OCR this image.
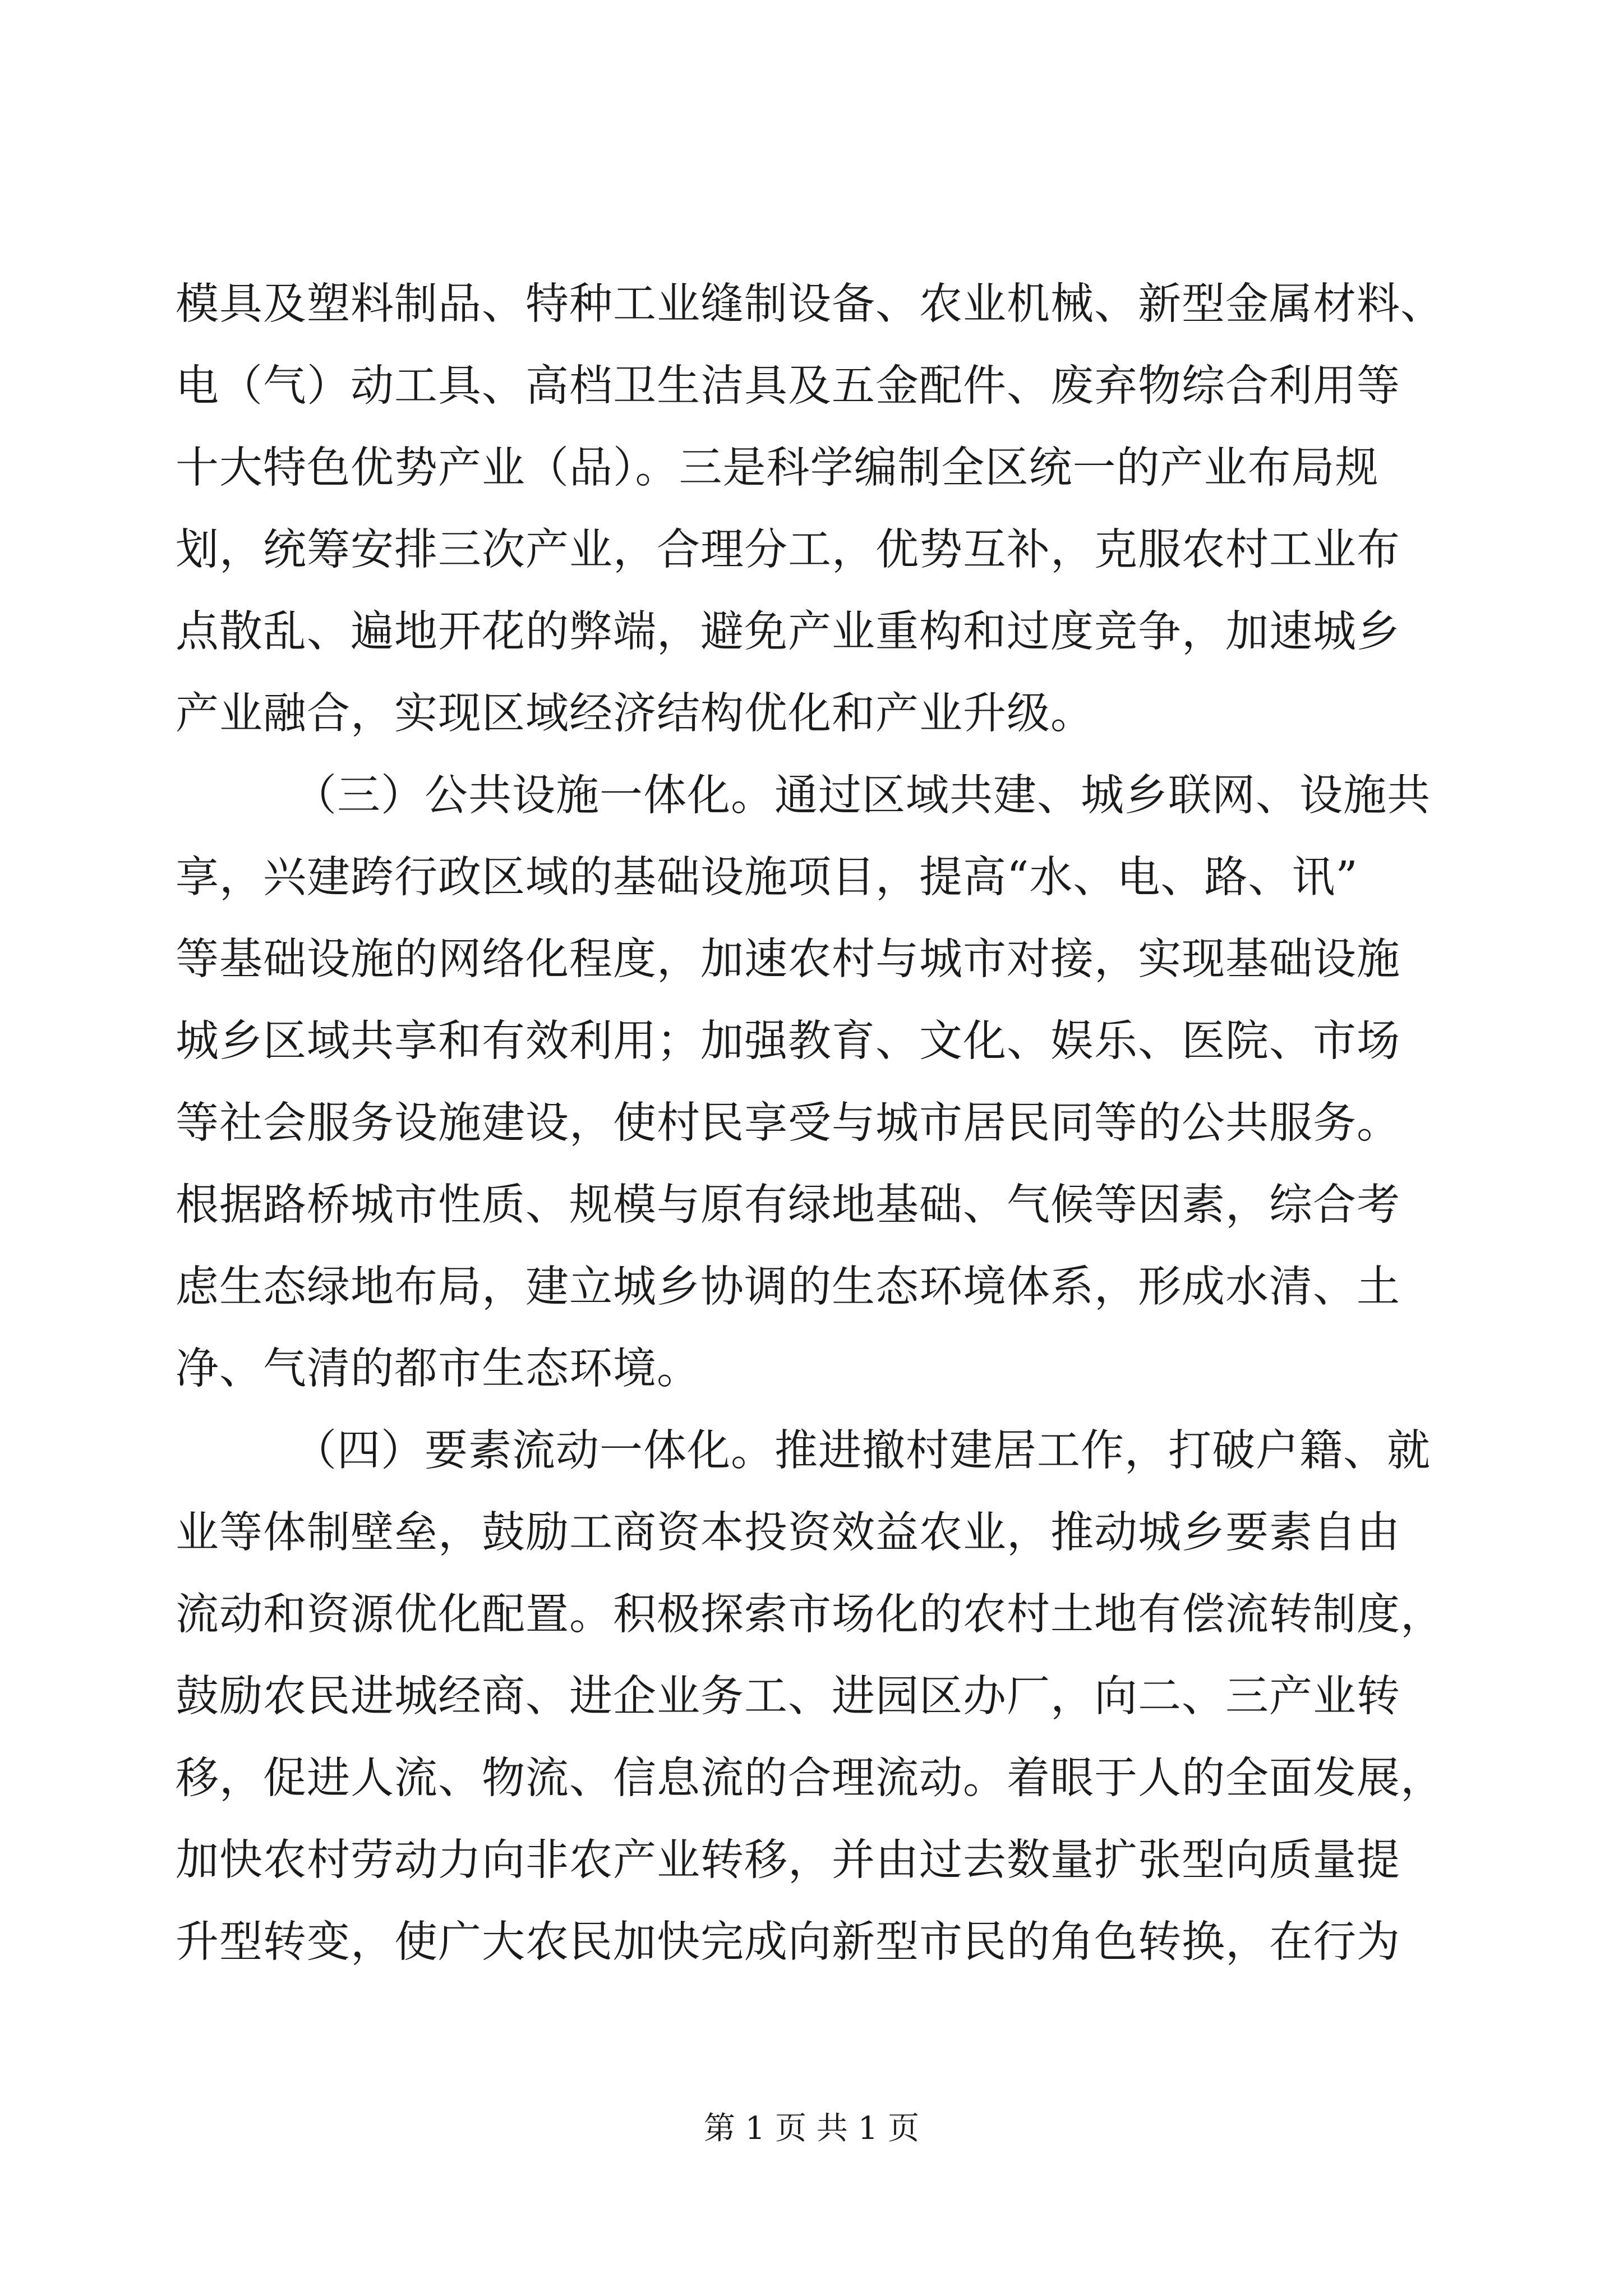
模具及塑料制品、特种工业缝制设备、农业机械、新型金属材料、
电（气）动工具、高档卫生洁具及五金配件、废弃物综合利用等
十大特色优势产业（品）。三是科学编制全区统一的产业布局规
划，统筹安排三次产业，合理分工，优势互补，克服农村工业布
点散乱、遍地开花的弊端，避免产业重构和过度竞争，加速城乡
产业融合，实现区域经济结构优化和产业升级。
（三）公共设施一体化。通过区域共建、城乡联网、设施共
享，兴建跨行政区域的基础设施项目，提高“水、电、路、讯”
等基础设施的网络化程度，加速农村与城市对接，实现基础设施
城乡区域共享和有效利用；加强教育、文化、娱乐、医院、市场
等社会服务设施建设，使村民享受与城市居民同等的公共服务。
根据路桥城市性质、规模与原有绿地基础、气候等因素，综合考
虑生态绿地布局，建立城乡协调的生态环境体系，形成水清、土
净、气清的都市生态环境。
（四）要素流动一体化。推进撤村建居工作，打破户籍、就
业等体制壁垒，鼓励工商资本投资效益农业，推动城乡要素自由
流动和资源优化配置。积极探索市场化的农村土地有偿流转制度，
鼓励农民进城经商、进企业务工、进园区办厂，向二、三产业转
移，促进人流、物流、信息流的合理流动。着眼于人的全面发展，
加快农村劳动力向非农产业转移，并由过去数量扩张型向质量提
升型转变，使广大农民加快完成向新型市民的角色转换，在行为
第 1 页 共 1 页
